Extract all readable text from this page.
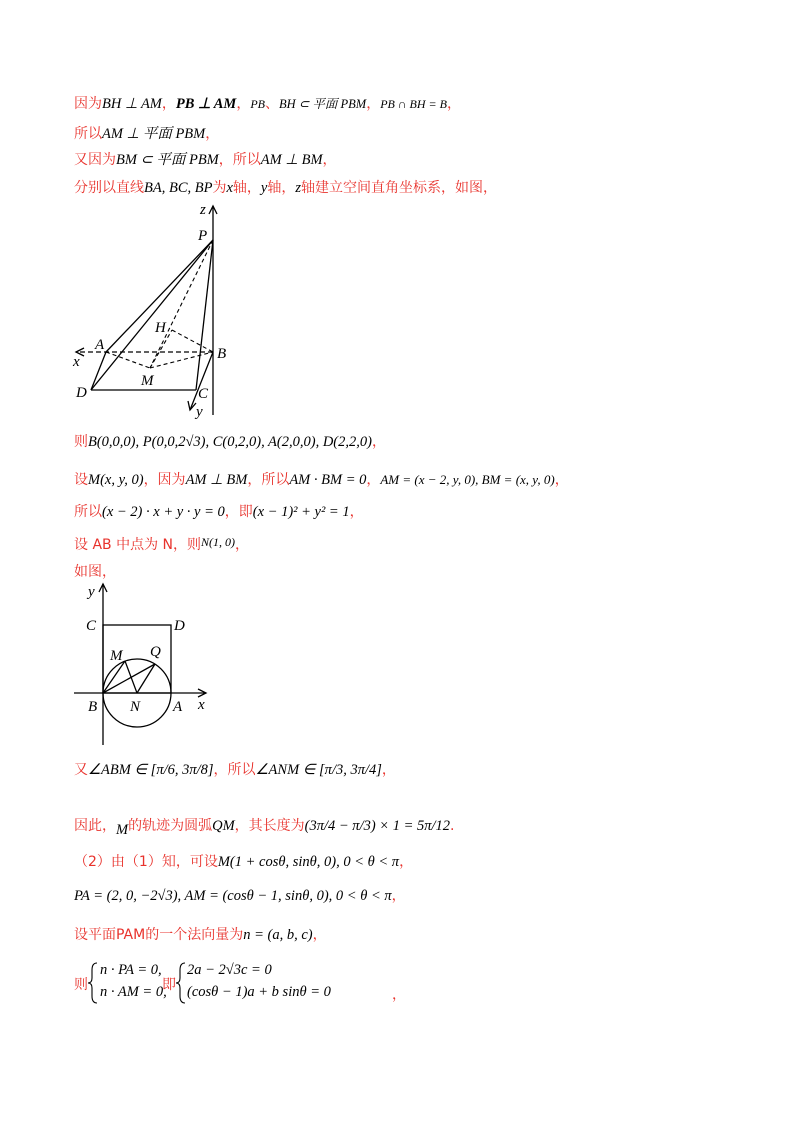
因为BH ⊥ AM，PB ⊥ AM，PB、BH ⊂ 平面 PBM，PB ∩ BH = B，
所以AM ⊥ 平面 PBM，
又因为BM ⊂ 平面 PBM，所以AM ⊥ BM，
分别以直线BA, BC, BP为x轴，y轴，z轴建立空间直角坐标系，如图，
z
P
H
A
x	B
M
D	C
y
则B(0,0,0), P(0,0,2√3), C(0,2,0), A(2,0,0), D(2,2,0)，
设M(x, y, 0)，因为AM ⊥ BM，所以AM · BM = 0，AM = (x − 2, y, 0), BM = (x, y, 0)，
所以(x − 2) · x + y · y = 0，即(x − 1)² + y² = 1，
设 AB 中点为 N，则N(1, 0)，
如图，
y
C	D
M Q
B N A x
又∠ABM ∈ [π/6, 3π/8]，所以∠ANM ∈ [π/3, 3π/4]，
因此，M的轨迹为圆弧QM，其长度为(3π/4 − π/3) × 1 = 5π/12.
（2）由（1）知，可设M(1 + cosθ, sinθ, 0), 0 < θ < π，
PA = (2, 0, −2√3), AM = (cosθ − 1, sinθ, 0), 0 < θ < π，
设平面PAM的一个法向量为n = (a, b, c)，
则
n · PA = 0,
n · AM = 0,
即
2a − 2√3c = 0
(cosθ − 1)a + b sinθ = 0	，
